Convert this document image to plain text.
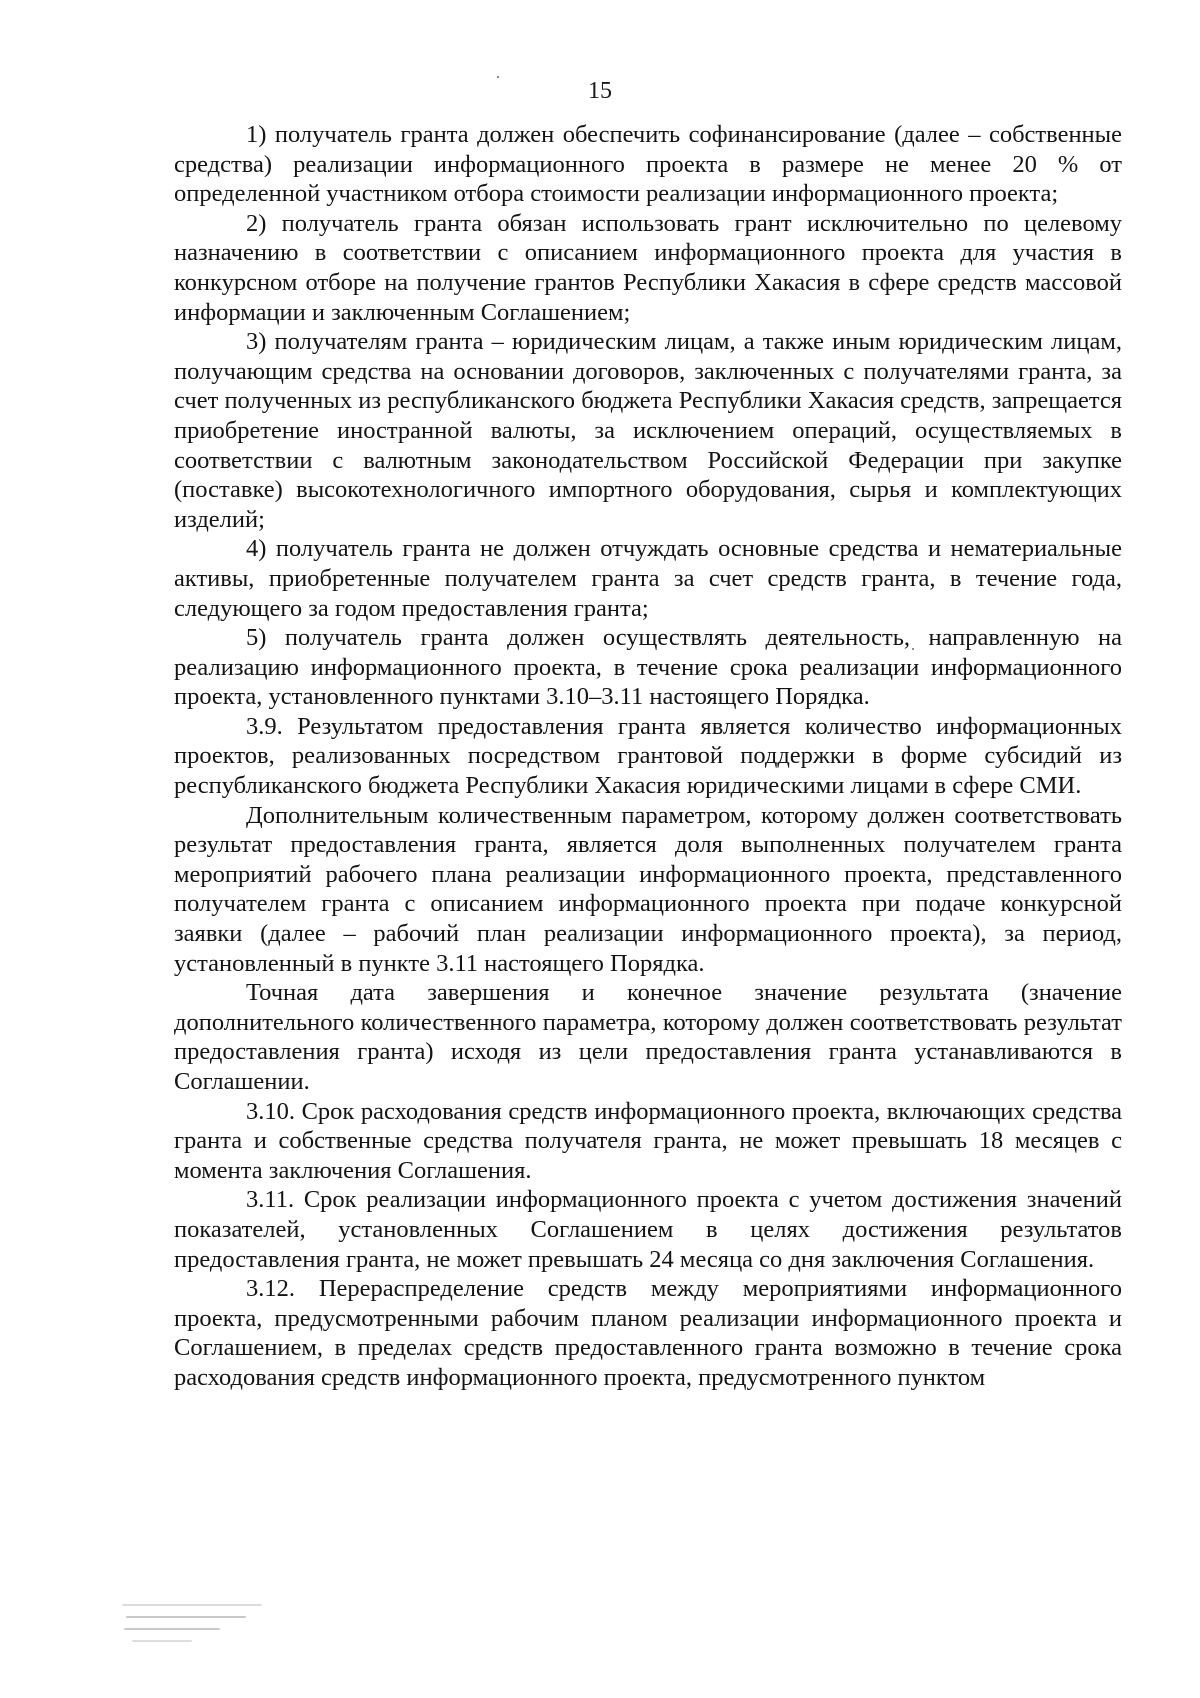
15

1) получатель гранта должен обеспечить софинансирование (далее – собственные средства) реализации информационного проекта в размере не менее 20 % от определенной участником отбора стоимости реализации информационного проекта;

2) получатель гранта обязан использовать грант исключительно по целевому назначению в соответствии с описанием информационного проекта для участия в конкурсном отборе на получение грантов Республики Хакасия в сфере средств массовой информации и заключенным Соглашением;

3) получателям гранта – юридическим лицам, а также иным юридическим лицам, получающим средства на основании договоров, заключенных с получателями гранта, за счет полученных из республиканского бюджета Республики Хакасия средств, запрещается приобретение иностранной валюты, за исключением операций, осуществляемых в соответствии с валютным законодательством Российской Федерации при закупке (поставке) высокотехнологичного импортного оборудования, сырья и комплектующих изделий;

4) получатель гранта не должен отчуждать основные средства и нематериальные активы, приобретенные получателем гранта за счет средств гранта, в течение года, следующего за годом предоставления гранта;

5) получатель гранта должен осуществлять деятельность, направленную на реализацию информационного проекта, в течение срока реализации информационного проекта, установленного пунктами 3.10–3.11 настоящего Порядка.

3.9. Результатом предоставления гранта является количество информационных проектов, реализованных посредством грантовой поддержки в форме субсидий из республиканского бюджета Республики Хакасия юридическими лицами в сфере СМИ.

Дополнительным количественным параметром, которому должен соответствовать результат предоставления гранта, является доля выполненных получателем гранта мероприятий рабочего плана реализации информационного проекта, представленного получателем гранта с описанием информационного проекта при подаче конкурсной заявки (далее – рабочий план реализации информационного проекта), за период, установленный в пункте 3.11 настоящего Порядка.

Точная дата завершения и конечное значение результата (значение дополнительного количественного параметра, которому должен соответствовать результат предоставления гранта) исходя из цели предоставления гранта устанавливаются в Соглашении.

3.10. Срок расходования средств информационного проекта, включающих средства гранта и собственные средства получателя гранта, не может превышать 18 месяцев с момента заключения Соглашения.

3.11. Срок реализации информационного проекта с учетом достижения значений показателей, установленных Соглашением в целях достижения результатов предоставления гранта, не может превышать 24 месяца со дня заключения Соглашения.

3.12. Перераспределение средств между мероприятиями информационного проекта, предусмотренными рабочим планом реализации информационного проекта и Соглашением, в пределах средств предоставленного гранта возможно в течение срока расходования средств информационного проекта, предусмотренного пунктом
